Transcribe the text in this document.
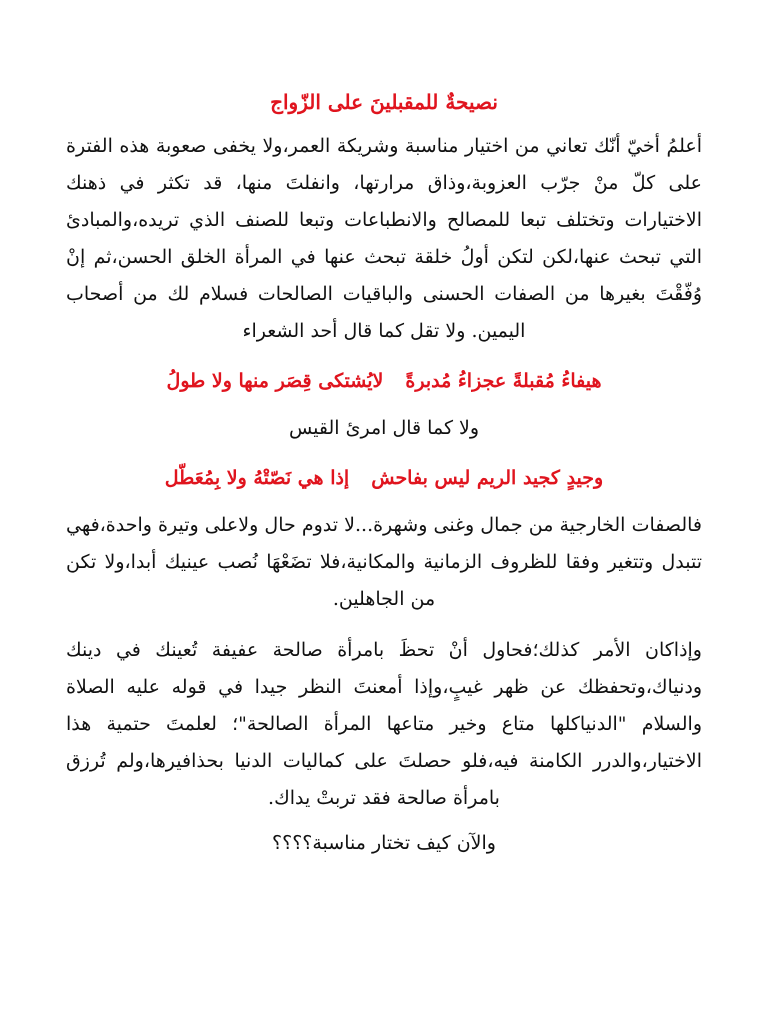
نصيحةٌ للمقبلينَ على الزّواج

أعلمُ أخيّ أنّك تعاني من اختيار مناسبة وشريكة العمر،ولا يخفى صعوبة هذه الفترة على كلّ منْ جرّب العزوبة،وذاق مرارتها، وانفلتَ منها، قد تكثر في ذهنك الاختيارات وتختلف تبعا للمصالح والانطباعات وتبعا للصنف الذي تريده،والمبادئ التي تبحث عنها،لكن لتكن أولُ خلقة تبحث عنها في المرأة الخلق الحسن،ثم إنْ وُفّقْتَ بغيرها من الصفات الحسنى والباقيات الصالحات فسلام لك من أصحاب اليمين. ولا تقل كما قال أحد الشعراء

هيفاءُ مُقبلةً عجزاءُ مُدبرةًلايُشتكى قِصَر منها ولا طولُ

ولا كما قال امرئ القيس

وجيدٍ كجيد الريم ليس بفاحشإذا هي نَصّتْهُ ولا بِمُعَطّل

فالصفات الخارجية من جمال وغنى وشهرة...لا تدوم حال ولاعلى وتيرة واحدة،فهي تتبدل وتتغير وفقا للظروف الزمانية والمكانية،فلا تضَعْهَا نُصب عينيك أبدا،ولا تكن من الجاهلين.

وإذاكان الأمر كذلك؛فحاول أنْ تحظَ بامرأة صالحة عفيفة تُعينك في دينك ودنياك،وتحفظك عن ظهر غيبٍ،وإذا أمعنتَ النظر جيدا في قوله عليه الصلاة والسلام "الدنياكلها متاع وخير متاعها المرأة الصالحة"؛ لعلمتَ حتمية هذا الاختيار،والدرر الكامنة فيه،فلو حصلتَ على كماليات الدنيا بحذافيرها،ولم تُرزق بامرأة صالحة فقد تربتْ يداك.

والآن كيف تختار مناسبة؟؟؟؟
